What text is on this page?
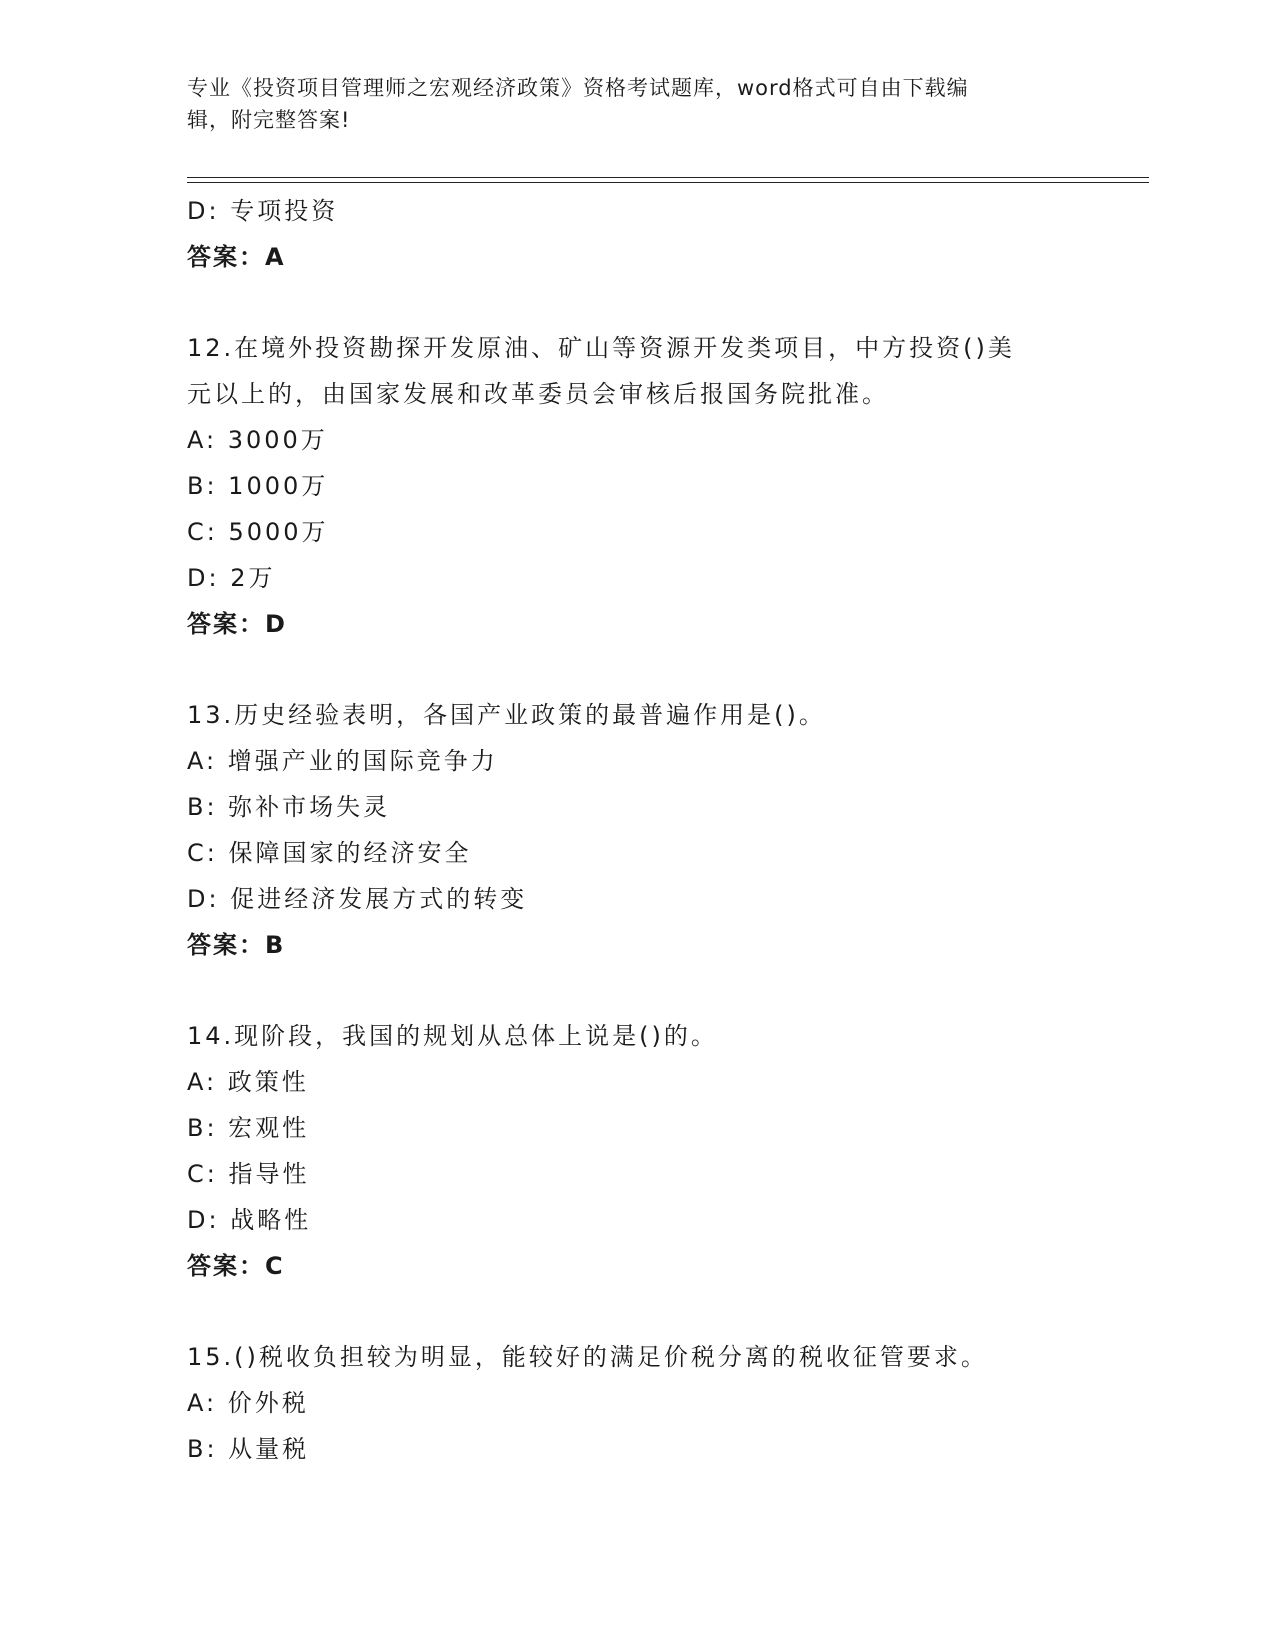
专业《投资项目管理师之宏观经济政策》资格考试题库，word格式可自由下载编
辑，附完整答案!
D: 专项投资
答案：A
12.在境外投资勘探开发原油、矿山等资源开发类项目，中方投资()美
元以上的，由国家发展和改革委员会审核后报国务院批准。
A: 3000万
B: 1000万
C: 5000万
D: 2万
答案：D
13.历史经验表明，各国产业政策的最普遍作用是()。
A: 增强产业的国际竞争力
B: 弥补市场失灵
C: 保障国家的经济安全
D: 促进经济发展方式的转变
答案：B
14.现阶段，我国的规划从总体上说是()的。
A: 政策性
B: 宏观性
C: 指导性
D: 战略性
答案：C
15.()税收负担较为明显，能较好的满足价税分离的税收征管要求。
A: 价外税
B: 从量税
